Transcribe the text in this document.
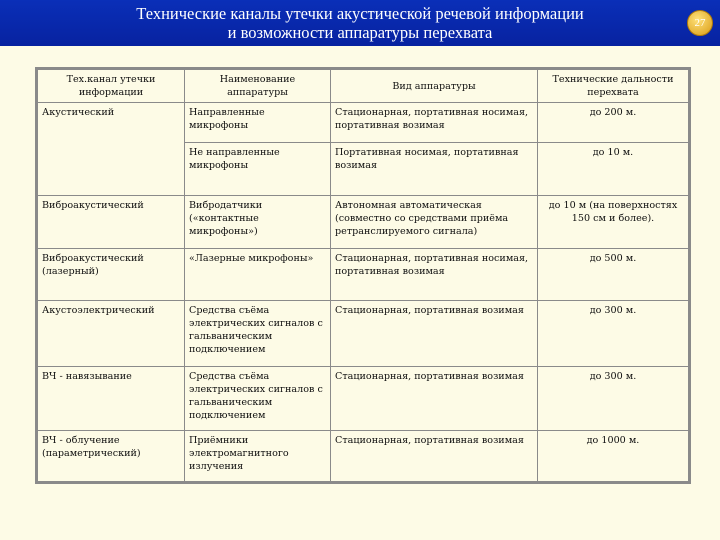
Технические каналы утечки акустической речевой информации
и возможности аппаратуры перехвата	27
Тех.канал утечки информации	Наименование аппаратуры	Вид аппаратуры	Технические дальности перехвата
Акустический	Направленные микрофоны	Стационарная, портативная носимая, портативная возимая	до 200 м.
	Не направленные микрофоны	Портативная носимая, портативная возимая	до 10 м.
Виброакустический	Вибродатчики («контактные микрофоны»)	Автономная автоматическая (совместно со средствами приёма ретранслируемого сигнала)	до 10 м (на поверхностях 150 см и более).
Виброакустический (лазерный)	«Лазерные микрофоны»	Стационарная, портативная носимая, портативная возимая	до 500 м.
Акустоэлектрический	Средства съёма электрических сигналов с гальваническим подключением	Стационарная, портативная возимая	до 300 м.
ВЧ - навязывание	Средства съёма электрических сигналов с гальваническим подключением	Стационарная, портативная возимая	до 300 м.
ВЧ - облучение (параметрический)	Приёмники электромагнитного излучения	Стационарная, портативная возимая	до 1000 м.
